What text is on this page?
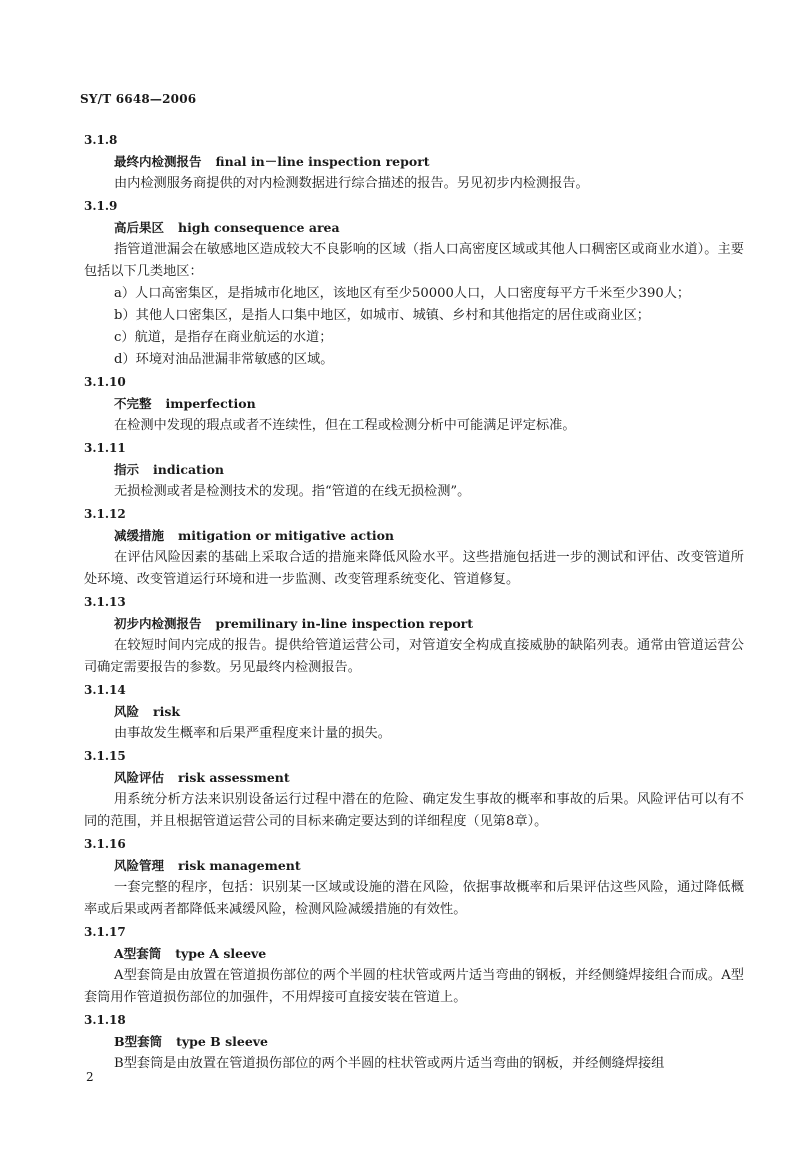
SY/T 6648—2006
3.1.8
最终内检测报告 final in－line inspection report
由内检测服务商提供的对内检测数据进行综合描述的报告。另见初步内检测报告。
3.1.9
高后果区 high consequence area
指管道泄漏会在敏感地区造成较大不良影响的区域（指人口高密度区域或其他人口稠密区或商业水道）。主要包括以下几类地区：
a）人口高密集区，是指城市化地区，该地区有至少50000人口，人口密度每平方千米至少390人；
b）其他人口密集区，是指人口集中地区，如城市、城镇、乡村和其他指定的居住或商业区；
c）航道，是指存在商业航运的水道；
d）环境对油品泄漏非常敏感的区域。
3.1.10
不完整 imperfection
在检测中发现的瑕点或者不连续性，但在工程或检测分析中可能满足评定标准。
3.1.11
指示 indication
无损检测或者是检测技术的发现。指“管道的在线无损检测”。
3.1.12
减缓措施 mitigation or mitigative action
在评估风险因素的基础上采取合适的措施来降低风险水平。这些措施包括进一步的测试和评估、改变管道所处环境、改变管道运行环境和进一步监测、改变管理系统变化、管道修复。
3.1.13
初步内检测报告 premilinary in-line inspection report
在较短时间内完成的报告。提供给管道运营公司，对管道安全构成直接威胁的缺陷列表。通常由管道运营公司确定需要报告的参数。另见最终内检测报告。
3.1.14
风险 risk
由事故发生概率和后果严重程度来计量的损失。
3.1.15
风险评估 risk assessment
用系统分析方法来识别设备运行过程中潜在的危险、确定发生事故的概率和事故的后果。风险评估可以有不同的范围，并且根据管道运营公司的目标来确定要达到的详细程度（见第8章）。
3.1.16
风险管理 risk management
一套完整的程序，包括：识别某一区域或设施的潜在风险，依据事故概率和后果评估这些风险，通过降低概率或后果或两者都降低来减缓风险，检测风险减缓措施的有效性。
3.1.17
A型套筒 type A sleeve
A型套筒是由放置在管道损伤部位的两个半圆的柱状管或两片适当弯曲的钢板，并经侧缝焊接组合而成。A型套筒用作管道损伤部位的加强件，不用焊接可直接安装在管道上。
3.1.18
B型套筒 type B sleeve
B型套筒是由放置在管道损伤部位的两个半圆的柱状管或两片适当弯曲的钢板，并经侧缝焊接组
2
